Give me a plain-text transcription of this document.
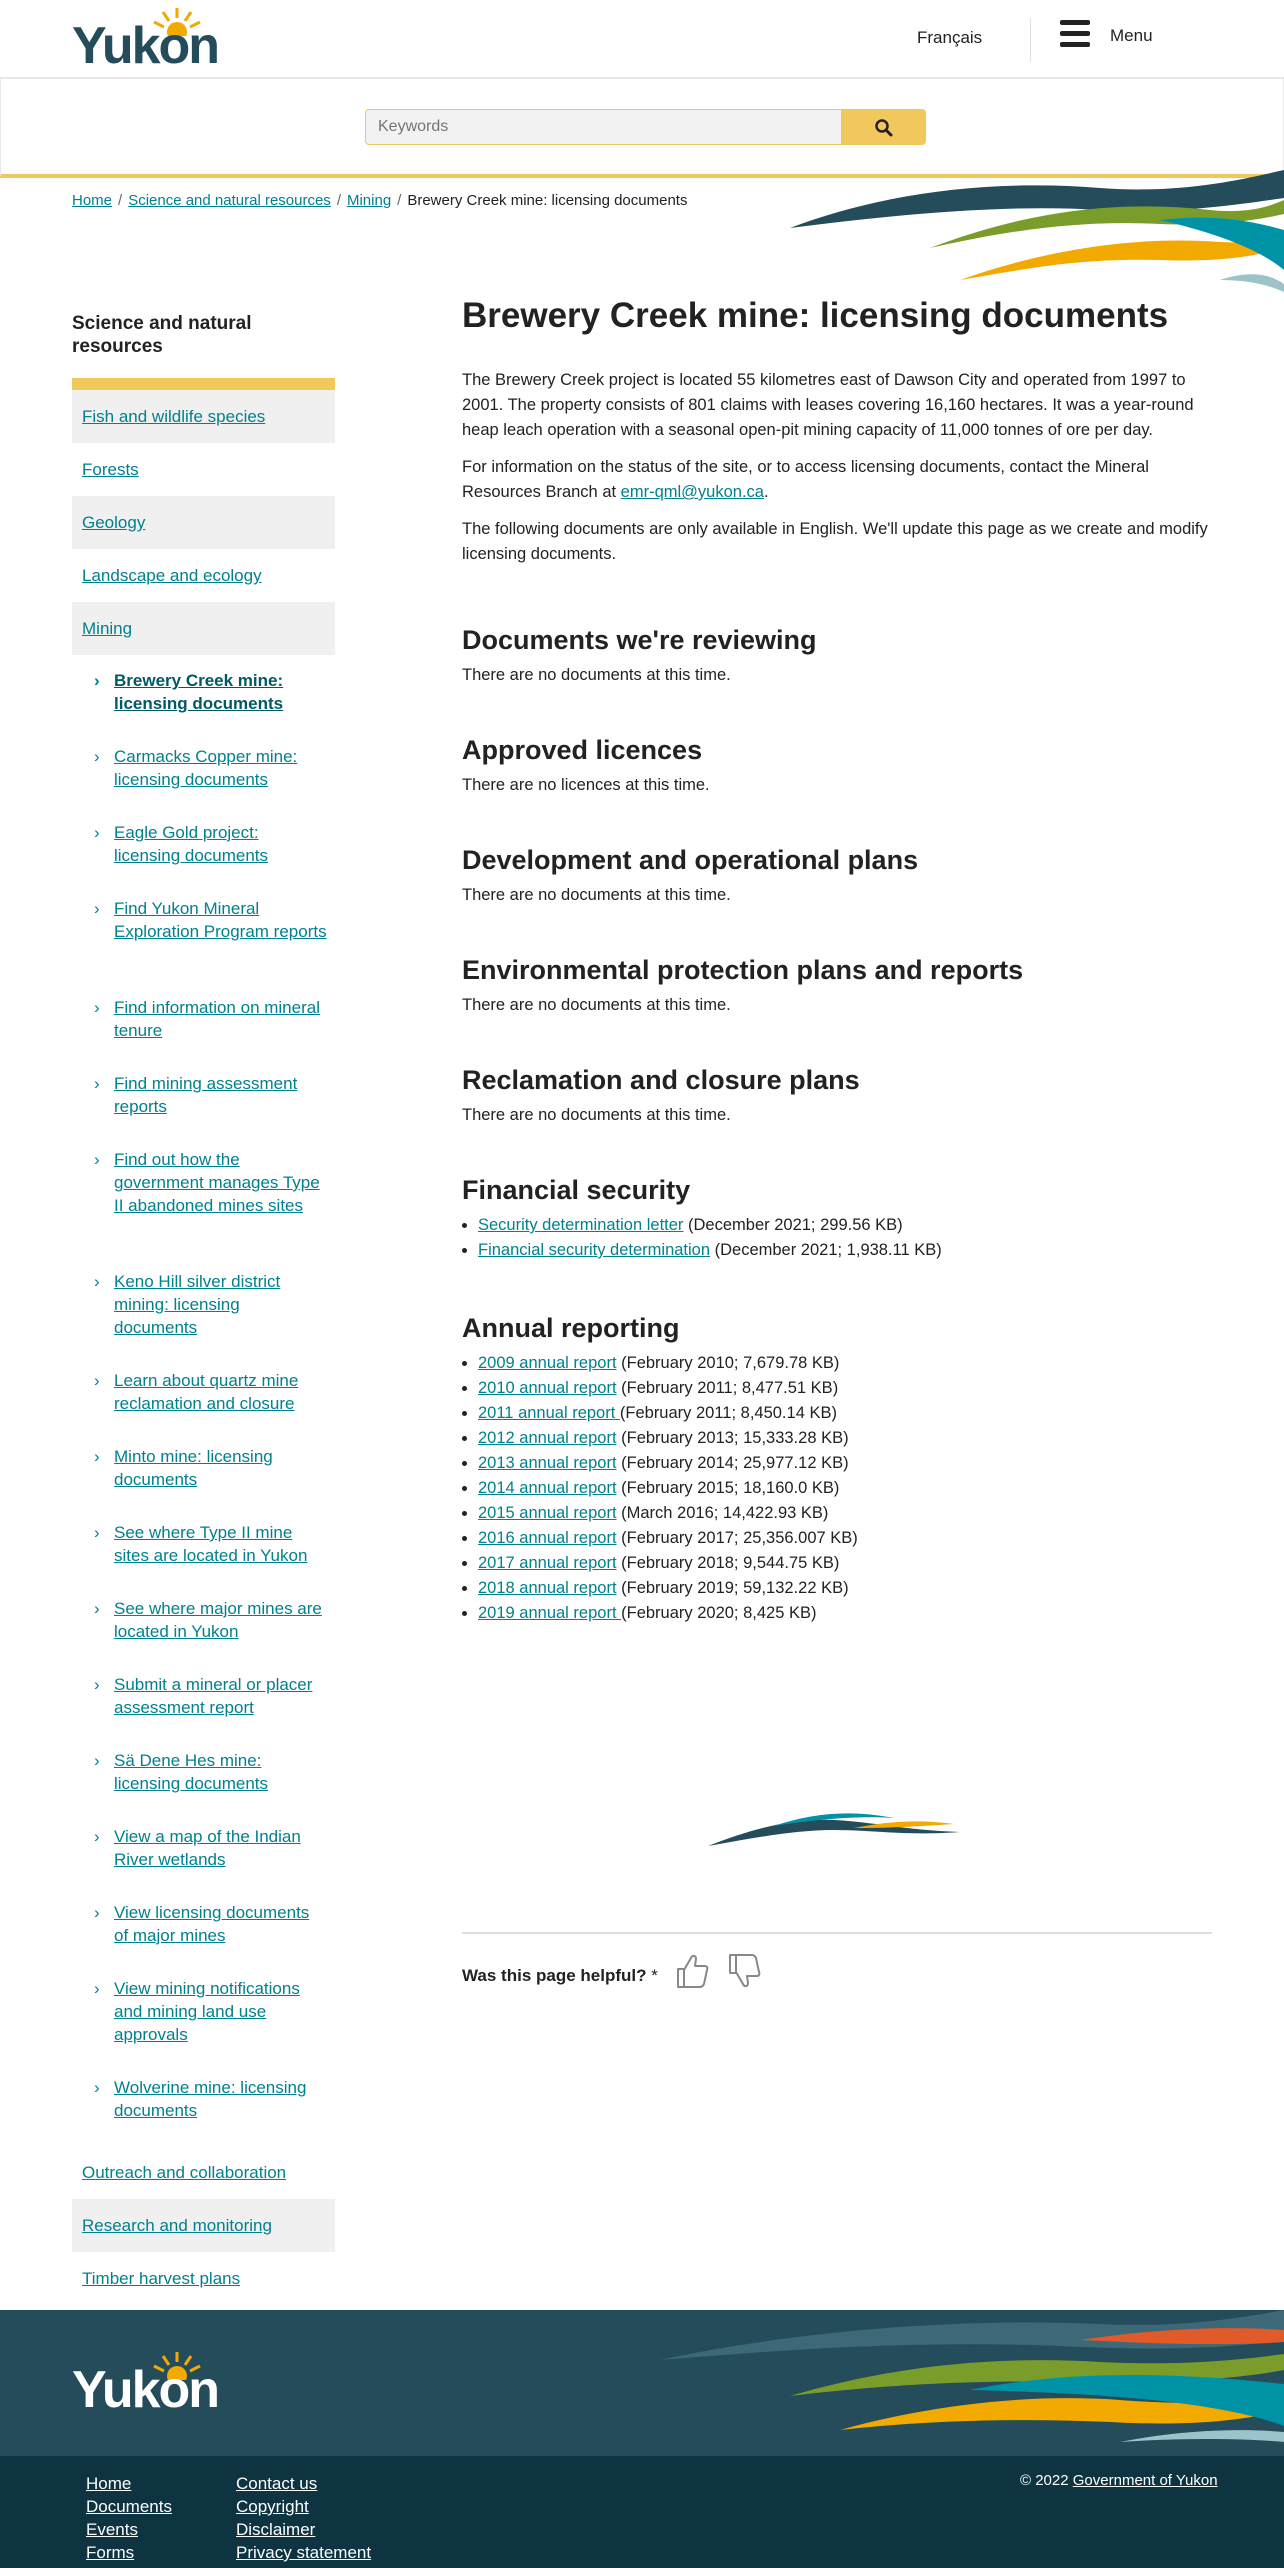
Yukon	Français	Menu
Keywords
Home / Science and natural resources / Mining / Brewery Creek mine: licensing documents
Science and natural resources
Fish and wildlife species
Forests
Geology
Landscape and ecology
Mining
› Brewery Creek mine: licensing documents
› Carmacks Copper mine: licensing documents
› Eagle Gold project: licensing documents
› Find Yukon Mineral Exploration Program reports
› Find information on mineral tenure
› Find mining assessment reports
› Find out how the government manages Type II abandoned mines sites
› Keno Hill silver district mining: licensing documents
› Learn about quartz mine reclamation and closure
› Minto mine: licensing documents
› See where Type II mine sites are located in Yukon
› See where major mines are located in Yukon
› Submit a mineral or placer assessment report
› Sä Dene Hes mine: licensing documents
› View a map of the Indian River wetlands
› View licensing documents of major mines
› View mining notifications and mining land use approvals
› Wolverine mine: licensing documents
Outreach and collaboration
Research and monitoring
Timber harvest plans
Brewery Creek mine: licensing documents

The Brewery Creek project is located 55 kilometres east of Dawson City and operated from 1997 to 2001. The property consists of 801 claims with leases covering 16,160 hectares. It was a year-round heap leach operation with a seasonal open-pit mining capacity of 11,000 tonnes of ore per day.

For information on the status of the site, or to access licensing documents, contact the Mineral Resources Branch at emr-qml@yukon.ca.

The following documents are only available in English. We'll update this page as we create and modify licensing documents.

Documents we're reviewing

There are no documents at this time.

Approved licences

There are no licences at this time.

Development and operational plans

There are no documents at this time.

Environmental protection plans and reports

There are no documents at this time.

Reclamation and closure plans

There are no documents at this time.

Financial security
• Security determination letter (December 2021; 299.56 KB)
• Financial security determination (December 2021; 1,938.11 KB)
Annual reporting
• 2009 annual report (February 2010; 7,679.78 KB)
• 2010 annual report (February 2011; 8,477.51 KB)
• 2011 annual report (February 2011; 8,450.14 KB)
• 2012 annual report (February 2013; 15,333.28 KB)
• 2013 annual report (February 2014; 25,977.12 KB)
• 2014 annual report (February 2015; 18,160.0 KB)
• 2015 annual report (March 2016; 14,422.93 KB)
• 2016 annual report (February 2017; 25,356.007 KB)
• 2017 annual report (February 2018; 9,544.75 KB)
• 2018 annual report (February 2019; 59,132.22 KB)
• 2019 annual report (February 2020; 8,425 KB)
Was this page helpful? *
Yukon
Home
Documents
Events
Forms
Contact us
Copyright
Disclaimer
Privacy statement
© 2022 Government of Yukon
